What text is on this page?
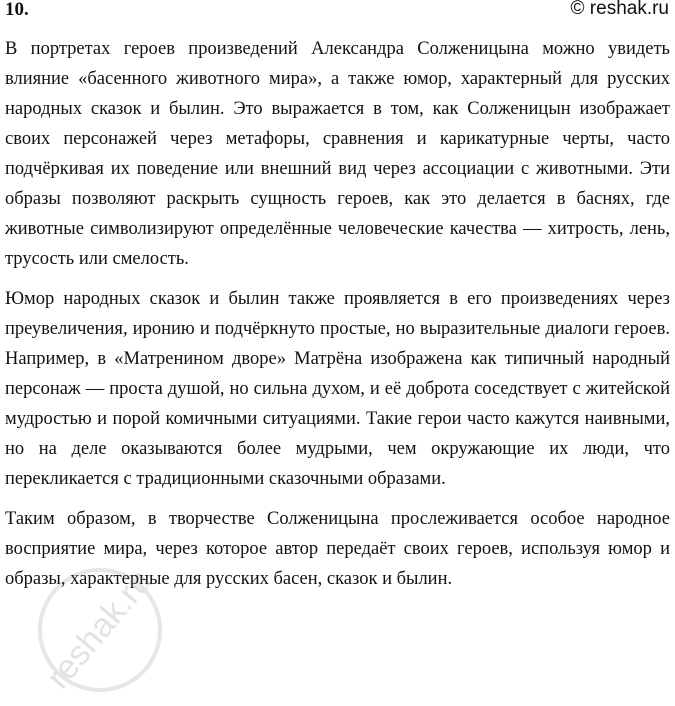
10.	© reshak.ru

В портретах героев произведений Александра Солженицына можно увидеть влияние «басенного животного мира», а также юмор, характерный для русских народных сказок и былин. Это выражается в том, как Солженицын изображает своих персонажей через метафоры, сравнения и карикатурные черты, часто подчёркивая их поведение или внешний вид через ассоциации с животными. Эти образы позволяют раскрыть сущность героев, как это делается в баснях, где животные символизируют определённые человеческие качества — хитрость, лень, трусость или смелость.

Юмор народных сказок и былин также проявляется в его произведениях через преувеличения, иронию и подчёркнуто простые, но выразительные диалоги героев. Например, в «Матренином дворе» Матрёна изображена как типичный народный персонаж — проста душой, но сильна духом, и её доброта соседствует с житейской мудростью и порой комичными ситуациями. Такие герои часто кажутся наивными, но на деле оказываются более мудрыми, чем окружающие их люди, что перекликается с традиционными сказочными образами.

Таким образом, в творчестве Солженицына прослеживается особое народное восприятие мира, через которое автор передаёт своих героев, используя юмор и образы, характерные для русских басен, сказок и былин.

reshak.ru
